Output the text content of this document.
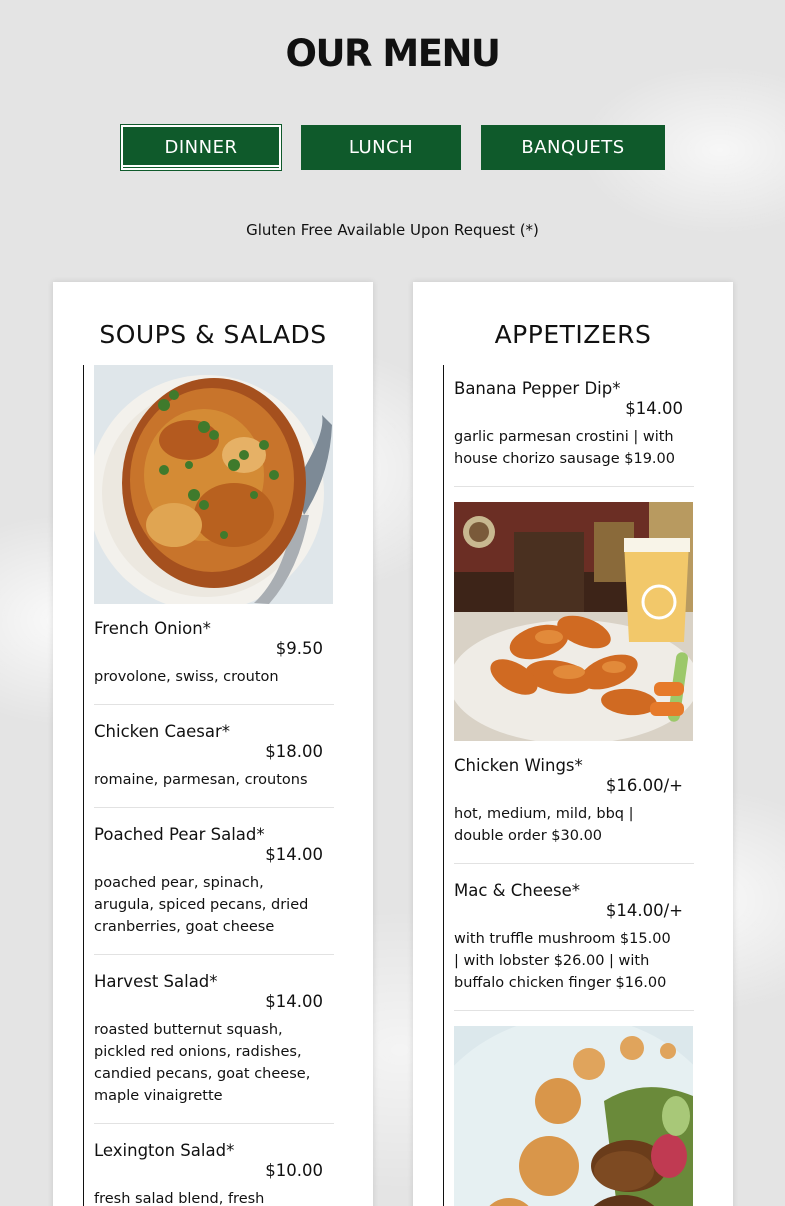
OUR MENU
DINNER	LUNCH	BANQUETS
Gluten Free Available Upon Request (*)
SOUPS & SALADS
French Onion*
$9.50
provolone, swiss, crouton
Chicken Caesar*
$18.00
romaine, parmesan, croutons
Poached Pear Salad*
$14.00
poached pear, spinach, arugula, spiced pecans, dried cranberries, goat cheese
Harvest Salad*
$14.00
roasted butternut squash, pickled red onions, radishes, candied pecans, goat cheese, maple vinaigrette
Lexington Salad*
$10.00
fresh salad blend, fresh
APPETIZERS
Banana Pepper Dip*
$14.00
garlic parmesan crostini | with house chorizo sausage $19.00
Chicken Wings*
$16.00/+
hot, medium, mild, bbq | double order $30.00
Mac & Cheese*
$14.00/+
with truffle mushroom $15.00 | with lobster $26.00 | with buffalo chicken finger $16.00
